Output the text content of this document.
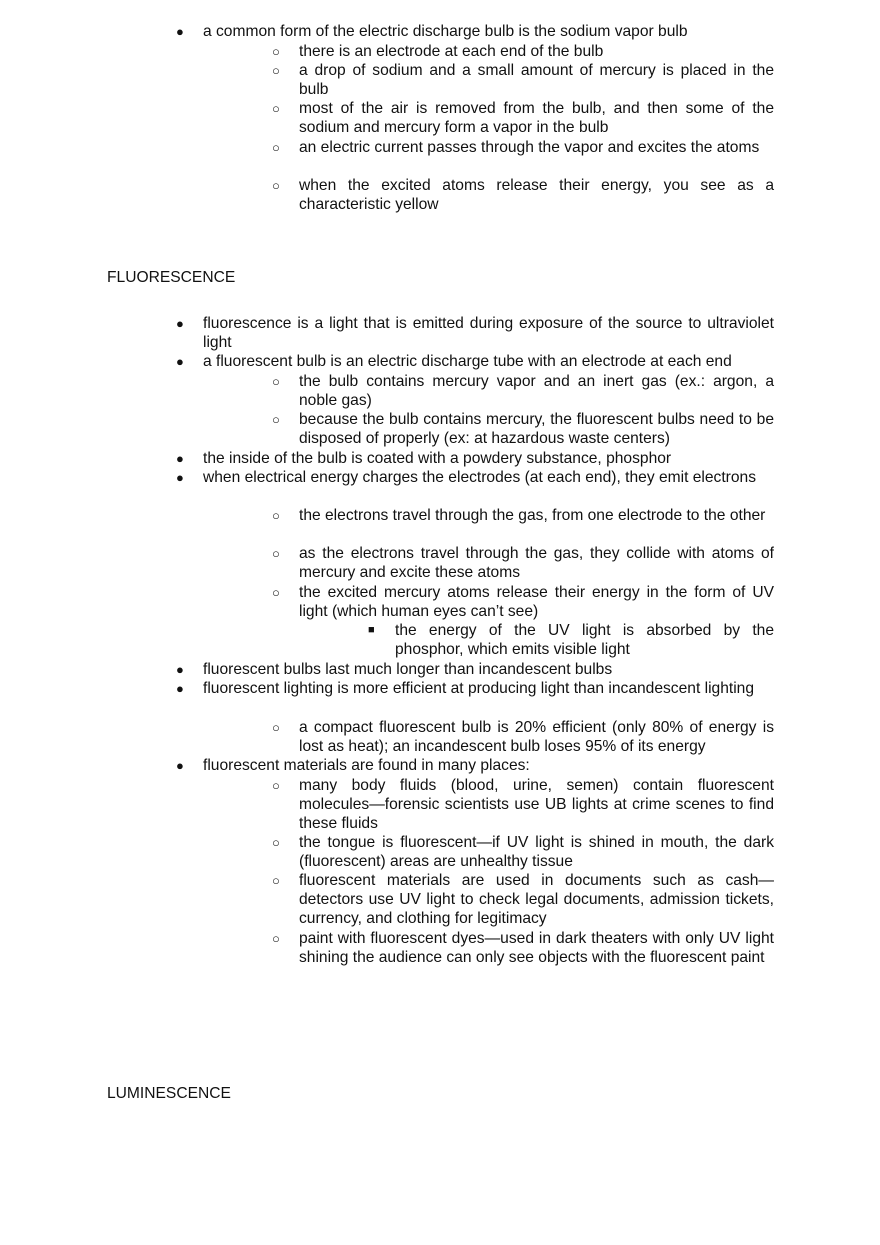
● a common form of the electric discharge bulb is the sodium vapor bulb
○ there is an electrode at each end of the bulb
○ a drop of sodium and a small amount of mercury is placed in the bulb
○ most of the air is removed from the bulb, and then some of the sodium and mercury form a vapor in the bulb
○ an electric current passes through the vapor and excites the atoms
○ when the excited atoms release their energy, you see as a characteristic yellow
FLUORESCENCE
● fluorescence is a light that is emitted during exposure of the source to ultraviolet light
● a fluorescent bulb is an electric discharge tube with an electrode at each end
○ the bulb contains mercury vapor and an inert gas (ex.: argon, a noble gas)
○ because the bulb contains mercury, the fluorescent bulbs need to be disposed of properly (ex: at hazardous waste centers)
● the inside of the bulb is coated with a powdery substance, phosphor
● when electrical energy charges the electrodes (at each end), they emit electrons
○ the electrons travel through the gas, from one electrode to the other
○ as the electrons travel through the gas, they collide with atoms of mercury and excite these atoms
○ the excited mercury atoms release their energy in the form of UV light (which human eyes can’t see)
■ the energy of the UV light is absorbed by the phosphor, which emits visible light
● fluorescent bulbs last much longer than incandescent bulbs
● fluorescent lighting is more efficient at producing light than incandescent lighting
○ a compact fluorescent bulb is 20% efficient (only 80% of energy is lost as heat); an incandescent bulb loses 95% of its energy
● fluorescent materials are found in many places:
○ many body fluids (blood, urine, semen) contain fluorescent molecules—forensic scientists use UB lights at crime scenes to find these fluids
○ the tongue is fluorescent—if UV light is shined in mouth, the dark (fluorescent) areas are unhealthy tissue
○ fluorescent materials are used in documents such as cash—detectors use UV light to check legal documents, admission tickets, currency, and clothing for legitimacy
○ paint with fluorescent dyes—used in dark theaters with only UV light shining the audience can only see objects with the fluorescent paint
LUMINESCENCE
